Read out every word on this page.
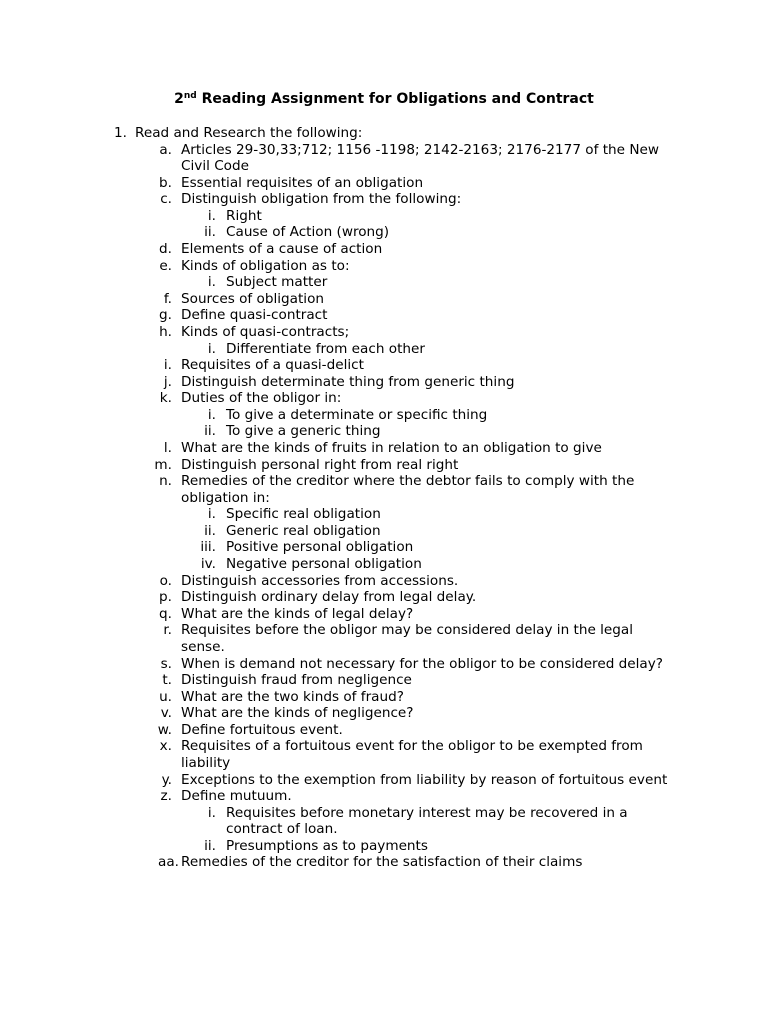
2nd Reading Assignment for Obligations and Contract
1. Read and Research the following:
a. Articles 29-30,33;712; 1156 -1198; 2142-2163; 2176-2177 of the New
Civil Code
b. Essential requisites of an obligation
c. Distinguish obligation from the following:
i. Right
ii. Cause of Action (wrong)
d. Elements of a cause of action
e. Kinds of obligation as to:
i. Subject matter
f. Sources of obligation
g. Define quasi-contract
h. Kinds of quasi-contracts;
i. Differentiate from each other
i. Requisites of a quasi-delict
j. Distinguish determinate thing from generic thing
k. Duties of the obligor in:
i. To give a determinate or specific thing
ii. To give a generic thing
l. What are the kinds of fruits in relation to an obligation to give
m. Distinguish personal right from real right
n. Remedies of the creditor where the debtor fails to comply with the
obligation in:
i. Specific real obligation
ii. Generic real obligation
iii. Positive personal obligation
iv. Negative personal obligation
o. Distinguish accessories from accessions.
p. Distinguish ordinary delay from legal delay.
q. What are the kinds of legal delay?
r. Requisites before the obligor may be considered delay in the legal
sense.
s. When is demand not necessary for the obligor to be considered delay?
t. Distinguish fraud from negligence
u. What are the two kinds of fraud?
v. What are the kinds of negligence?
w. Define fortuitous event.
x. Requisites of a fortuitous event for the obligor to be exempted from
liability
y. Exceptions to the exemption from liability by reason of fortuitous event
z. Define mutuum.
i. Requisites before monetary interest may be recovered in a
contract of loan.
ii. Presumptions as to payments
aa. Remedies of the creditor for the satisfaction of their claims
